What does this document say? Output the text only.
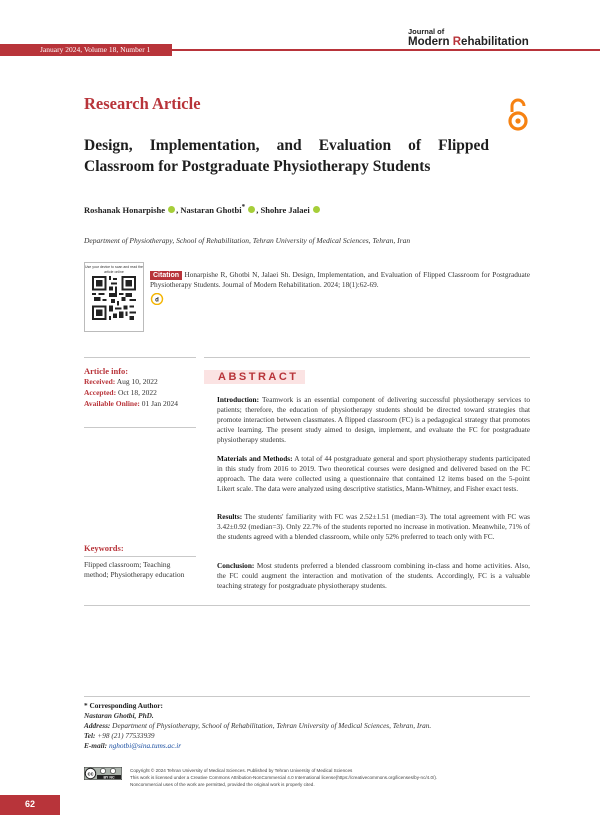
January 2024, Volume 18, Number 1
Journal of
Modern Rehabilitation
Research Article
Design, Implementation, and Evaluation of Flipped Classroom for Postgraduate Physiotherapy Students
Roshanak Honarpishe , Nastaran Ghotbi* , Shohre Jalaei
Department of Physiotherapy, School of Rehabilitation, Tehran University of Medical Sciences, Tehran, Iran
Use your device to scan and read the article online
Citation Honarpishe R, Ghotbi N, Jalaei Sh. Design, Implementation, and Evaluation of Flipped Classroom for Postgraduate Physiotherapy Students. Journal of Modern Rehabilitation. 2024; 18(1):62-69.
d
Article info:
Received: Aug 10, 2022
Accepted: Oct 18, 2022
Available Online: 01 Jan 2024
Keywords:
Flipped classroom; Teaching method; Physiotherapy education
ABSTRACT
Introduction: Teamwork is an essential component of delivering successful physiotherapy services to patients; therefore, the education of physiotherapy students should be directed toward strategies that promote interaction between classmates. A flipped classroom (FC) is a pedagogical strategy that promotes active learning. The present study aimed to design, implement, and evaluate the FC for postgraduate physiotherapy students.
Materials and Methods: A total of 44 postgraduate general and sport physiotherapy students participated in this study from 2016 to 2019. Two theoretical courses were designed and delivered based on the FC approach. The data were collected using a questionnaire that contained 12 items based on the 5-point Likert scale. The data were analyzed using descriptive statistics, Mann-Whitney, and Fisher exact tests.
Results: The students' familiarity with FC was 2.52±1.51 (median=3). The total agreement with FC was 3.42±0.92 (median=3). Only 22.7% of the students reported no increase in motivation. Meanwhile, 71% of the students agreed with a blended classroom, while only 52% preferred to teach only with FC.
Conclusion: Most students preferred a blended classroom combining in-class and home activities. Also, the FC could augment the interaction and motivation of the students. Accordingly, FC is a valuable teaching strategy for postgraduate physiotherapy students.
* Corresponding Author:
Nastaran Ghotbi, PhD.
Address: Department of Physiotherapy, School of Rehabilitation, Tehran University of Medical Sciences, Tehran, Iran.
Tel: +98 (21) 77533939
E-mail: nghotbi@sina.tums.ac.ir
cc	BY NC
Copyright © 2024 Tehran University of Medical Sciences. Published by Tehran University of Medical Sciences
This work is licensed under a Creative Commons Attribution-NonCommercial 4.0 International license(https://creativecommons.org/licenses/by-nc/4.0/).
Noncommercial uses of the work are permitted, provided the original work is properly cited.
62
